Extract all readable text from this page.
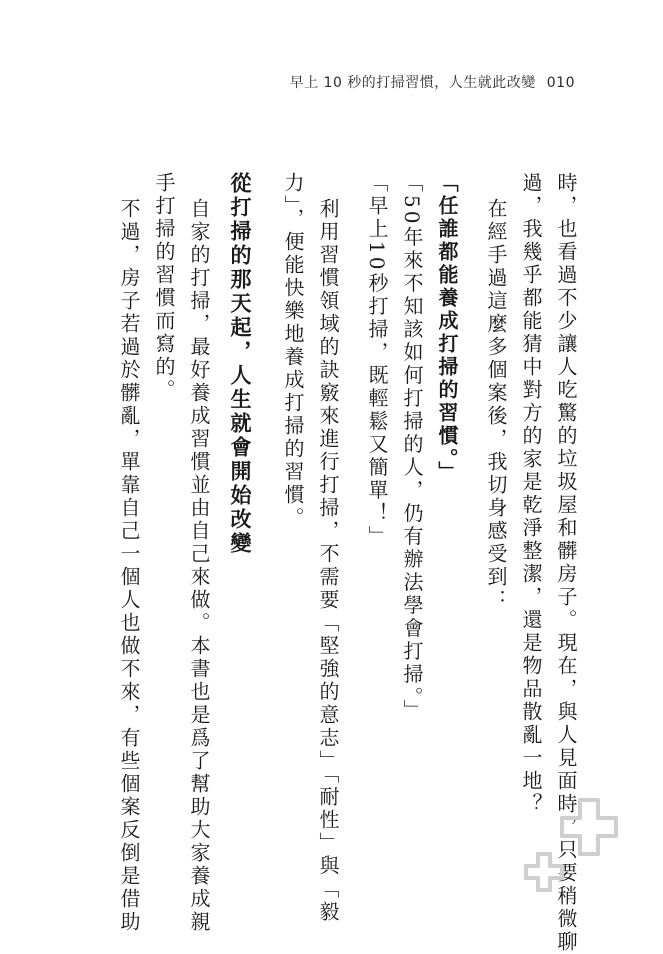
早上 10 秒的打掃習慣，人生就此改變 010

時，也看過不少讓人吃驚的垃圾屋和髒房子。現在，與人見面時，只要稍微聊

過，我幾乎都能猜中對方的家是乾淨整潔，還是物品散亂一地？

在經手過這麼多個案後，我切身感受到：

「任誰都能養成打掃的習慣。」

「50年來不知該如何打掃的人，仍有辦法學會打掃。」

「早上10秒打掃，既輕鬆又簡單！」

利用習慣領域的訣竅來進行打掃，不需要「堅強的意志」「耐性」與「毅

力」，便能快樂地養成打掃的習慣。

從打掃的那天起，人生就會開始改變

自家的打掃，最好養成習慣並由自己來做。本書也是爲了幫助大家養成親

手打掃的習慣而寫的。

不過，房子若過於髒亂，單靠自己一個人也做不來，有些個案反倒是借助
